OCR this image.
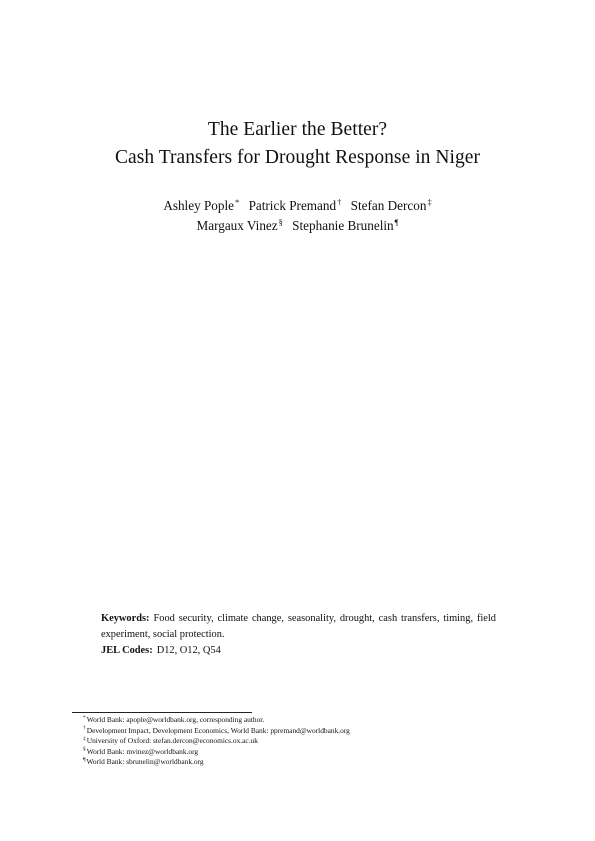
The Earlier the Better?
Cash Transfers for Drought Response in Niger
Ashley Pople* Patrick Premand† Stefan Dercon‡
Margaux Vinez§ Stephanie Brunelin¶
Keywords: Food security, climate change, seasonality, drought, cash transfers, timing, field experiment, social protection.
JEL Codes: D12, O12, Q54
*World Bank: apople@worldbank.org, corresponding author.
†Development Impact, Development Economics, World Bank: ppremand@worldbank.org
‡University of Oxford: stefan.dercon@economics.ox.ac.uk
§World Bank: mvinez@worldbank.org
¶World Bank: sbrunelin@worldbank.org
